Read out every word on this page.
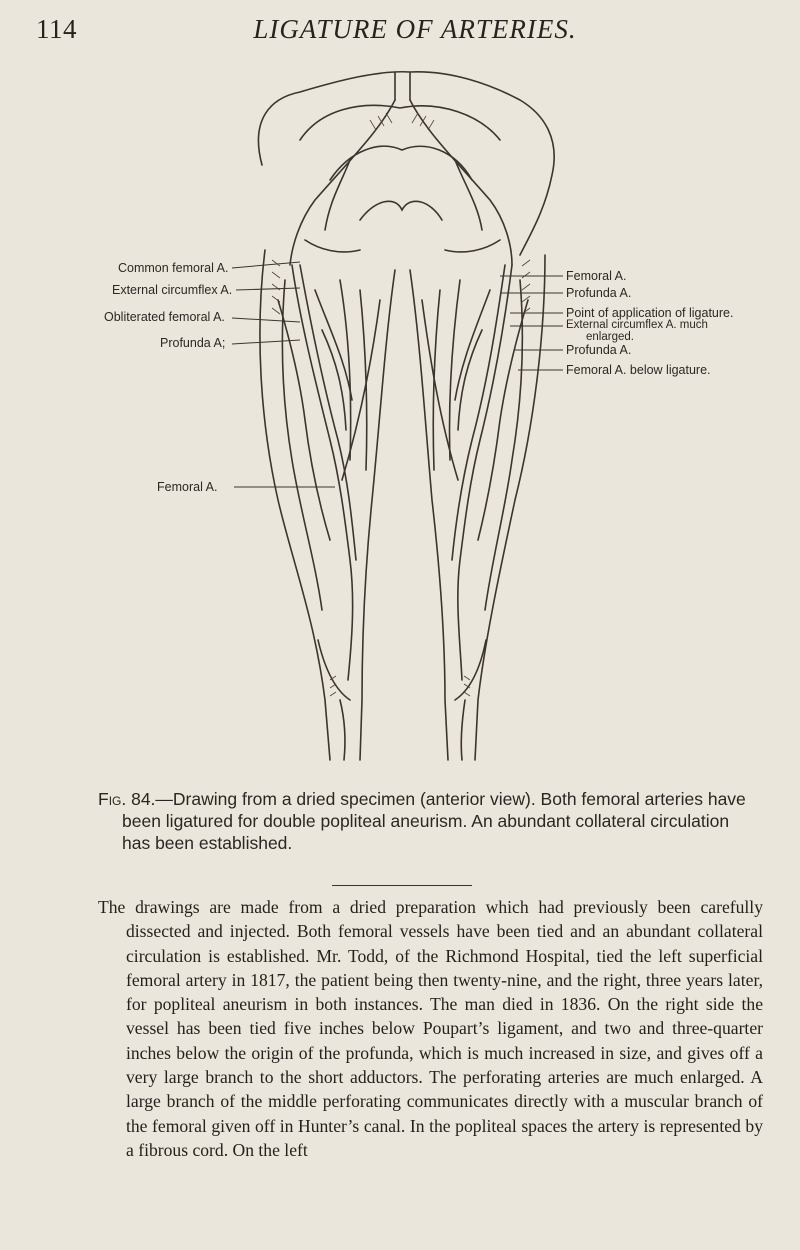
114	LIGATURE OF ARTERIES.
Common femoral A.
External circumflex A.
Obliterated femoral A.
Profunda A;
Femoral A.
Femoral A.
Profunda A.
Point of application of ligature.
External circumflex A. much
enlarged.
Profunda A.
Femoral A. below ligature.

Fig. 84.—Drawing from a dried specimen (anterior view). Both femoral arteries have been ligatured for double popliteal aneurism. An abundant collateral circulation has been established.

The drawings are made from a dried preparation which had previously been carefully dissected and injected. Both femoral vessels have been tied and an abundant collateral circulation is established. Mr. Todd, of the Richmond Hospital, tied the left superficial femoral artery in 1817, the patient being then twenty-nine, and the right, three years later, for popliteal aneurism in both instances. The man died in 1836. On the right side the vessel has been tied five inches below Poupart’s ligament, and two and three-quarter inches below the origin of the profunda, which is much increased in size, and gives off a very large branch to the short adductors. The perforating arteries are much enlarged. A large branch of the middle perforating communicates directly with a muscular branch of the femoral given off in Hunter’s canal. In the popliteal spaces the artery is represented by a fibrous cord. On the left
